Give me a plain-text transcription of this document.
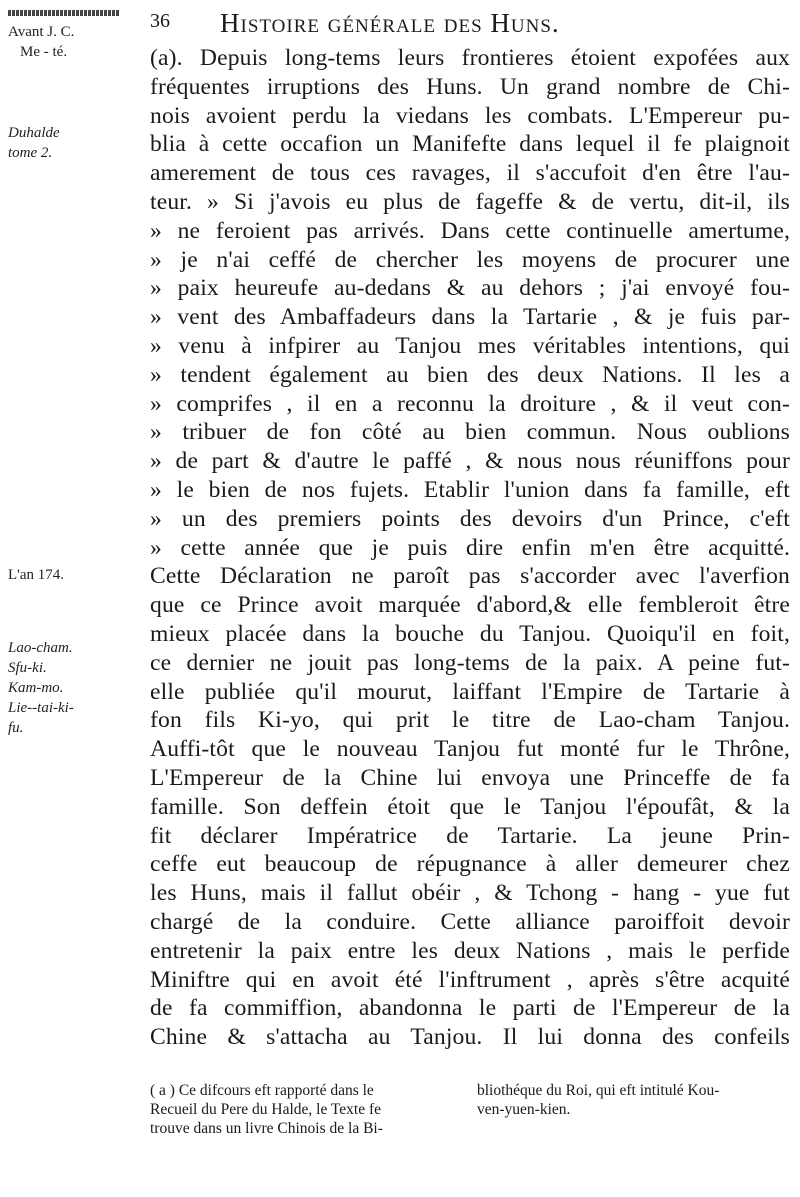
Avant J. C.
Me - té.
Duhalde
tome 2.
L'an 174.
Lao-cham.
Sfu-ki.
Kam-mo.
Lie--tai-ki-
fu.
36 Histoire générale des Huns.
(a). Depuis long-tems leurs frontieres étoient expofées aux
fréquentes irruptions des Huns. Un grand nombre de Chi-
nois avoient perdu la viedans les combats. L'Empereur pu-
blia à cette occafion un Manifefte dans lequel il fe plaignoit
amerement de tous ces ravages, il s'accufoit d'en être l'au-
teur. » Si j'avois eu plus de fageffe & de vertu, dit-il, ils
» ne feroient pas arrivés. Dans cette continuelle amertume,
» je n'ai ceffé de chercher les moyens de procurer une
» paix heureufe au-dedans & au dehors ; j'ai envoyé fou-
» vent des Ambaffadeurs dans la Tartarie , & je fuis par-
» venu à infpirer au Tanjou mes véritables intentions, qui
» tendent également au bien des deux Nations. Il les a
» comprifes , il en a reconnu la droiture , & il veut con-
» tribuer de fon côté au bien commun. Nous oublions
» de part & d'autre le paffé , & nous nous réuniffons pour
» le bien de nos fujets. Etablir l'union dans fa famille, eft
» un des premiers points des devoirs d'un Prince, c'eft
» cette année que je puis dire enfin m'en être acquitté.
Cette Déclaration ne paroît pas s'accorder avec l'averfion
que ce Prince avoit marquée d'abord,& elle fembleroit être
mieux placée dans la bouche du Tanjou. Quoiqu'il en foit,
ce dernier ne jouit pas long-tems de la paix. A peine fut-
elle publiée qu'il mourut, laiffant l'Empire de Tartarie à
fon fils Ki-yo, qui prit le titre de Lao-cham Tanjou.
Auffi-tôt que le nouveau Tanjou fut monté fur le Thrône,
L'Empereur de la Chine lui envoya une Princeffe de fa
famille. Son deffein étoit que le Tanjou l'époufât, & la
fit déclarer Impératrice de Tartarie. La jeune Prin-
ceffe eut beaucoup de répugnance à aller demeurer chez
les Huns, mais il fallut obéir , & Tchong - hang - yue fut
chargé de la conduire. Cette alliance paroiffoit devoir
entretenir la paix entre les deux Nations , mais le perfide
Miniftre qui en avoit été l'inftrument , après s'être acquité
de fa commiffion, abandonna le parti de l'Empereur de la
Chine & s'attacha au Tanjou. Il lui donna des confeils
( a ) Ce difcours eft rapporté dans le
Recueil du Pere du Halde, le Texte fe
trouve dans un livre Chinois de la Bi-
bliothéque du Roi, qui eft intitulé Kou-
ven-yuen-kien.
